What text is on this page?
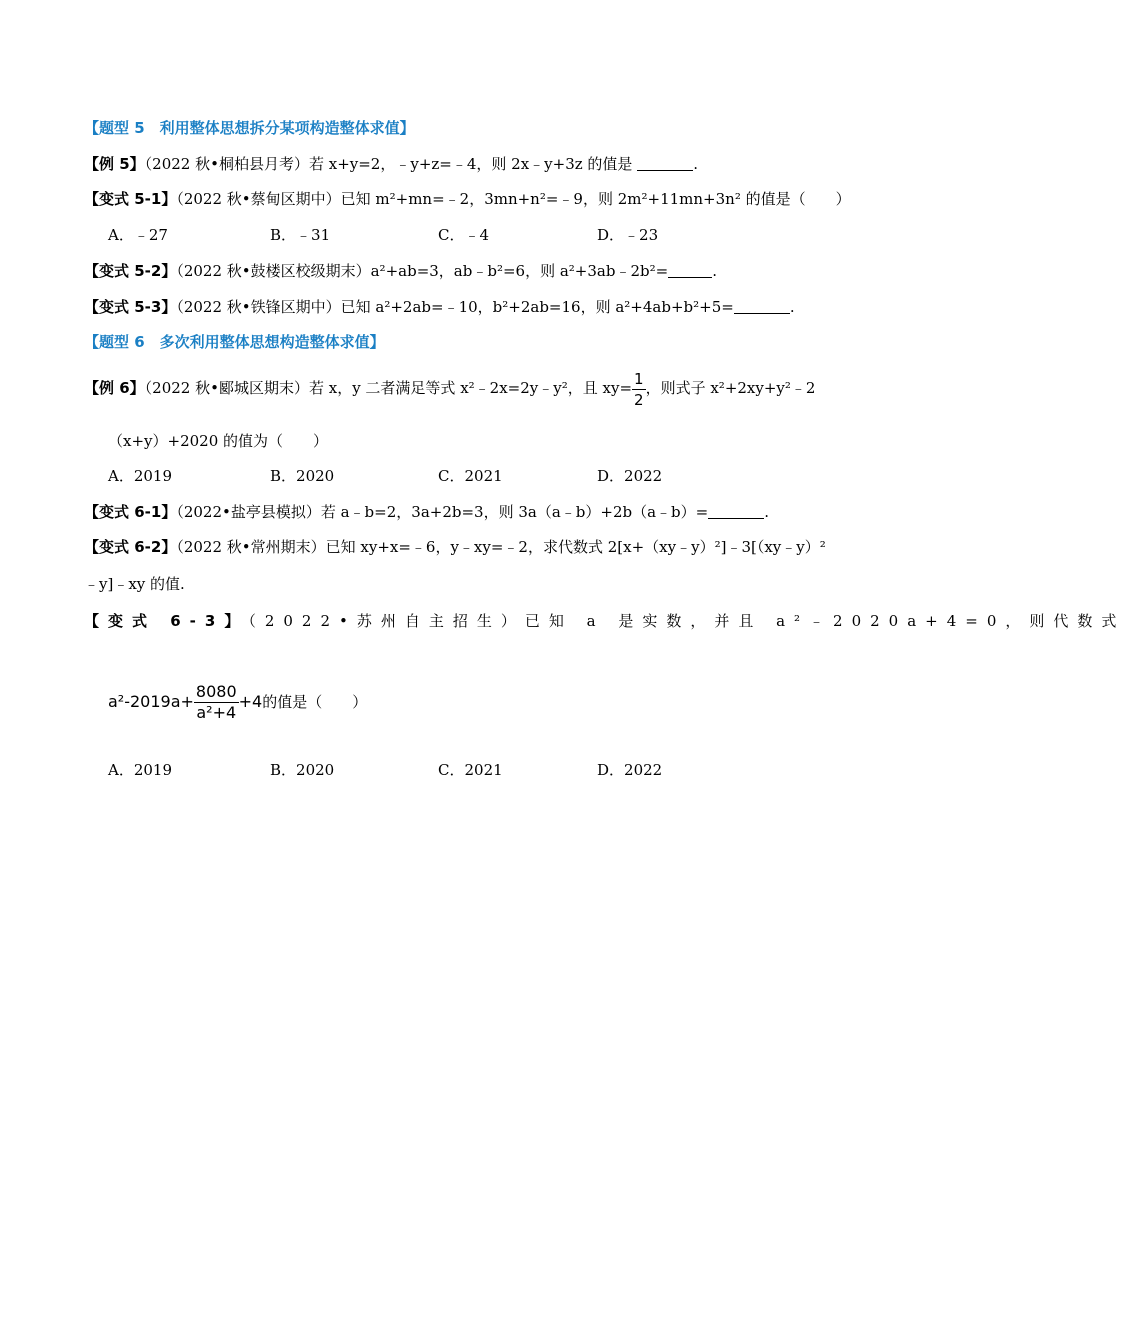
【题型 5　利用整体思想拆分某项构造整体求值】
【例 5】（2022 秋•桐柏县月考）若 x+y=2，﹣y+z=﹣4，则 2x﹣y+3z 的值是	.
【变式 5-1】（2022 秋•蔡甸区期中）已知 m²+mn=﹣2，3mn+n²=﹣9，则 2m²+11mn+3n² 的值是（　　）
A．﹣27	B．﹣31	C．﹣4	D．﹣23
【变式 5-2】（2022 秋•鼓楼区校级期末）a²+ab=3，ab﹣b²=6，则 a²+3ab﹣2b²=	.
【变式 5-3】（2022 秋•铁锋区期中）已知 a²+2ab=﹣10，b²+2ab=16，则 a²+4ab+b²+5=	.
【题型 6　多次利用整体思想构造整体求值】
【例 6】（2022 秋•郾城区期末）若 x，y 二者满足等式 x²﹣2x=2y﹣y²，且 $xy= \frac{1}{2}$ ，则式子 x²+2xy+y²﹣2
（x+y）+2020 的值为（　　）
A．2019	B．2020	C．2021	D．2022
【变式 6-1】（2022•盐亭县模拟）若 a﹣b=2，3a+2b=3，则 3a（a﹣b）+2b（a﹣b）=	.
【变式 6-2】（2022 秋•常州期末）已知 xy+x=﹣6，y﹣xy=﹣2，求代数式 2[x+（xy﹣y）²]﹣3[（xy﹣y）²
﹣y]﹣xy 的值.
【变式 6-3】（2022•苏州自主招生）已知 a 是实数，并且 a²﹣2020a+4=0，则代数式
$a^2-2019a+ \frac{8080}{\text{a²+4}} +4$的值是（　　）
A．2019	B．2020	C．2021	D．2022
